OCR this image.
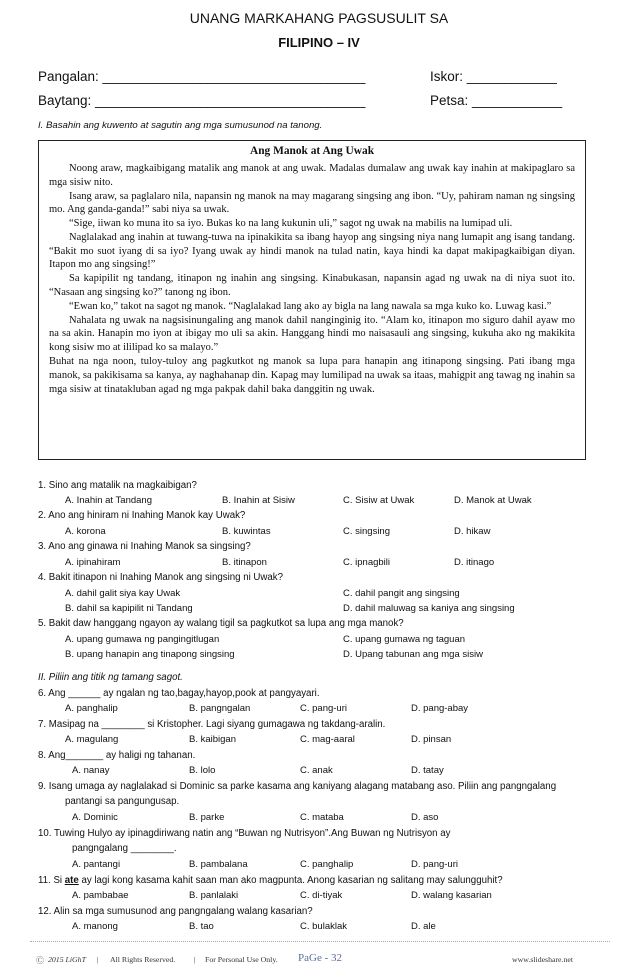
UNANG MARKAHANG PAGSUSULIT SA
FILIPINO – IV
Pangalan: ___________________________________	Iskor: ____________
Baytang: ____________________________________	Petsa: ____________
I. Basahin ang kuwento at sagutin ang mga sumusunod na tanong.
Ang Manok at Ang Uwak

Noong araw, magkaibigang matalik ang manok at ang uwak. Madalas dumalaw ang uwak kay inahin at makipaglaro sa mga sisiw nito.

Isang araw, sa paglalaro nila, napansin ng manok na may magarang singsing ang ibon. “Uy, pahiram naman ng singsing mo. Ang ganda-ganda!” sabi niya sa uwak.

“Sige, iiwan ko muna ito sa iyo. Bukas ko na lang kukunin uli,” sagot ng uwak na mabilis na lumipad uli.

Naglalakad ang inahin at tuwang-tuwa na ipinakikita sa ibang hayop ang singsing niya nang lumapit ang isang tandang. “Bakit mo suot iyang di sa iyo? Iyang uwak ay hindi manok na tulad natin, kaya hindi ka dapat makipagkaibigan diyan. Itapon mo ang singsing!”

Sa kapipilit ng tandang, itinapon ng inahin ang singsing. Kinabukasan, napansin agad ng uwak na di niya suot ito. “Nasaan ang singsing ko?” tanong ng ibon.

“Ewan ko,” takot na sagot ng manok. “Naglalakad lang ako ay bigla na lang nawala sa mga kuko ko. Luwag kasi.”

Nahalata ng uwak na nagsisinungaling ang manok dahil nanginginig ito. “Alam ko, itinapon mo siguro dahil ayaw mo na sa akin. Hanapin mo iyon at ibigay mo uli sa akin. Hanggang hindi mo naisasauli ang singsing, kukuha ako ng makikita kong sisiw mo at ililipad ko sa malayo.”

Buhat na nga noon, tuloy-tuloy ang pagkutkot ng manok sa lupa para hanapin ang itinapong singsing. Pati ibang mga manok, sa pakikisama sa kanya, ay naghahanap din. Kapag may lumilipad na uwak sa itaas, mahigpit ang tawag ng inahin sa mga sisiw at tinatakluban agad ng mga pakpak dahil baka danggitin ng uwak.

1. Sino ang matalik na magkaibigan?
A. Inahin at Tandang	B. Inahin at Sisiw	C. Sisiw at Uwak	D. Manok at Uwak
2. Ano ang hiniram ni Inahing Manok kay Uwak?
A. korona	B. kuwintas	C. singsing	D. hikaw
3. Ano ang ginawa ni Inahing Manok sa singsing?
A. ipinahiram	B. itinapon	C. ipnagbili	D. itinago
4. Bakit itinapon ni Inahing Manok ang singsing ni Uwak?
A. dahil galit siya kay Uwak	C. dahil pangit ang singsing
B. dahil sa kapipilit ni Tandang	D. dahil maluwag sa kaniya ang singsing
5. Bakit daw hanggang ngayon ay walang tigil sa pagkutkot sa lupa ang mga manok?
A. upang gumawa ng pangingitlugan	C. upang gumawa ng taguan
B. upang hanapin ang tinapong singsing	D. Upang tabunan ang mga sisiw
II. Piliin ang titik ng tamang sagot.
6. Ang ______ ay ngalan ng tao,bagay,hayop,pook at pangyayari.
A. panghalip	B. pangngalan	C. pang-uri	D. pang-abay
7. Masipag na ________ si Kristopher. Lagi siyang gumagawa ng takdang-aralin.
A. magulang	B. kaibigan	C. mag-aaral	D. pinsan
8. Ang_______ ay haligi ng tahanan.
A. nanay	B. lolo	C. anak	D. tatay
9. Isang umaga ay naglalakad si Dominic sa parke kasama ang kaniyang alagang matabang aso. Piliin ang pangngalang
pantangi sa pangungusap.
A. Dominic	B. parke	C. mataba	D. aso
10. Tuwing Hulyo ay ipinagdiriwang natin ang “Buwan ng Nutrisyon”.Ang Buwan ng Nutrisyon ay
pangngalang ________.
A. pantangi	B. pambalana	C. panghalip	D. pang-uri
11. Si ate ay lagi kong kasama kahit saan man ako magpunta. Anong kasarian ng salitang may salungguhit?
A. pambabae	B. panlalaki	C. di-tiyak	D. walang kasarian
12. Alin sa mga sumusunod ang pangngalang walang kasarian?
A. manong	B. tao	C. bulaklak	D. ale
Ⓒ 2015 LiGhT | All Rights Reserved. | For Personal Use Only. PaGe - 32	www.slideshare.net
